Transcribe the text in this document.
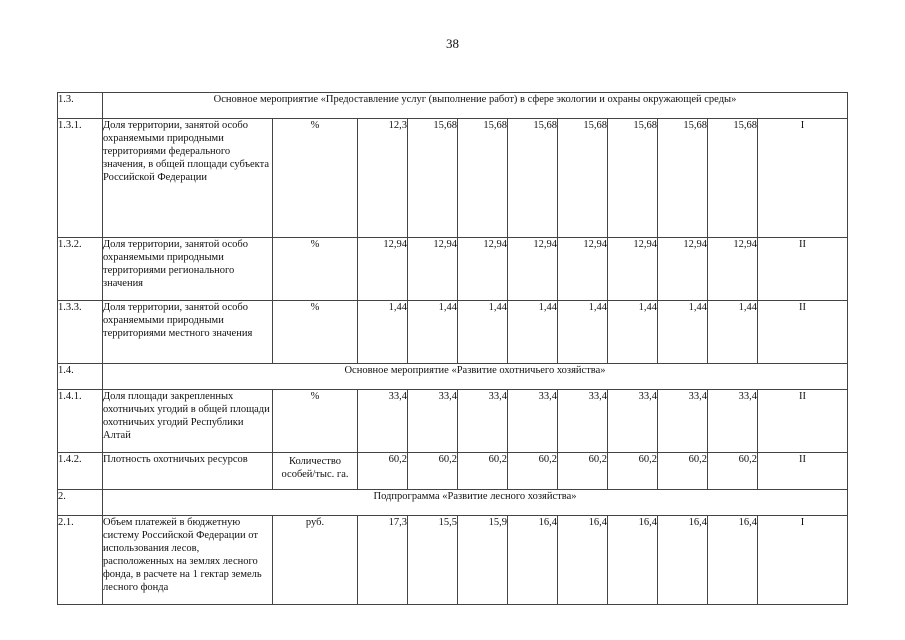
38
1.3.	Основное мероприятие «Предоставление услуг (выполнение работ) в сфере экологии и охраны окружающей среды»										
1.3.1.	Доля территории, занятой особо охраняемыми природными территориями федерального значения, в общей площади субъекта Российской Федерации	%	12,3	15,68	15,68	15,68	15,68	15,68	15,68	15,68	I
1.3.2.	Доля территории, занятой особо охраняемыми природными территориями регионального значения	%	12,94	12,94	12,94	12,94	12,94	12,94	12,94	12,94	II
1.3.3.	Доля территории, занятой особо охраняемыми природными территориями местного значения	%	1,44	1,44	1,44	1,44	1,44	1,44	1,44	1,44	II
1.4.	Основное мероприятие «Развитие охотничьего хозяйства»										
1.4.1.	Доля площади закрепленных охотничьих угодий в общей площади охотничьих угодий Республики Алтай	%	33,4	33,4	33,4	33,4	33,4	33,4	33,4	33,4	II
1.4.2.	Плотность охотничьих ресурсов	Количество особей/тыс. га.	60,2	60,2	60,2	60,2	60,2	60,2	60,2	60,2	II
2.	Подпрограмма «Развитие лесного хозяйства»										
2.1.	Объем платежей в бюджетную систему Российской Федерации от использования лесов, расположенных на землях лесного фонда, в расчете на 1 гектар земель лесного фонда	руб.	17,3	15,5	15,9	16,4	16,4	16,4	16,4	16,4	I
